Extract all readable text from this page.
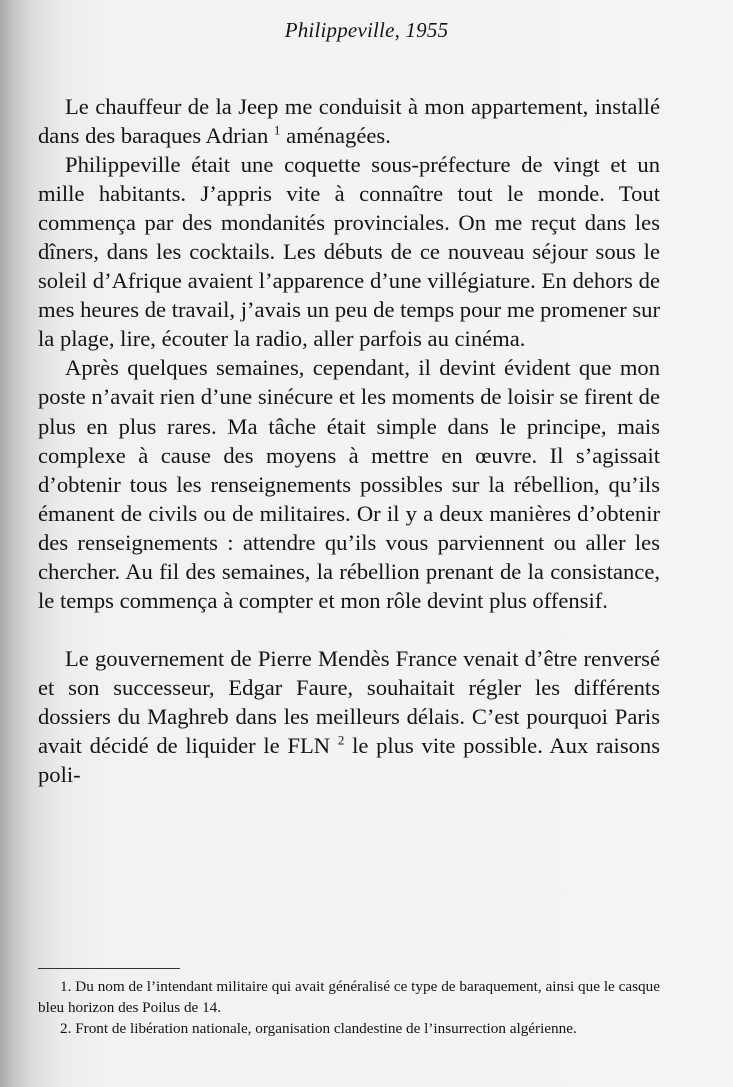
Philippeville, 1955

Le chauffeur de la Jeep me conduisit à mon appartement, installé dans des baraques Adrian $^1$ aménagées.

Philippeville était une coquette sous-préfecture de vingt et un mille habitants. J’appris vite à connaître tout le monde. Tout commença par des mondanités provinciales. On me reçut dans les dîners, dans les cocktails. Les débuts de ce nouveau séjour sous le soleil d’Afrique avaient l’apparence d’une villégiature. En dehors de mes heures de travail, j’avais un peu de temps pour me promener sur la plage, lire, écouter la radio, aller parfois au cinéma.

Après quelques semaines, cependant, il devint évident que mon poste n’avait rien d’une sinécure et les moments de loisir se firent de plus en plus rares. Ma tâche était simple dans le principe, mais complexe à cause des moyens à mettre en œuvre. Il s’agissait d’obtenir tous les renseignements possibles sur la rébellion, qu’ils émanent de civils ou de militaires. Or il y a deux manières d’obtenir des renseignements : attendre qu’ils vous parviennent ou aller les chercher. Au fil des semaines, la rébellion prenant de la consistance, le temps commença à compter et mon rôle devint plus offensif.

Le gouvernement de Pierre Mendès France venait d’être renversé et son successeur, Edgar Faure, souhaitait régler les différents dossiers du Maghreb dans les meilleurs délais. C’est pourquoi Paris avait décidé de liquider le FLN $^2$ le plus vite possible. Aux raisons poli-

1. Du nom de l’intendant militaire qui avait généralisé ce type de baraquement, ainsi que le casque bleu horizon des Poilus de 14.

2. Front de libération nationale, organisation clandestine de l’insurrection algérienne.
